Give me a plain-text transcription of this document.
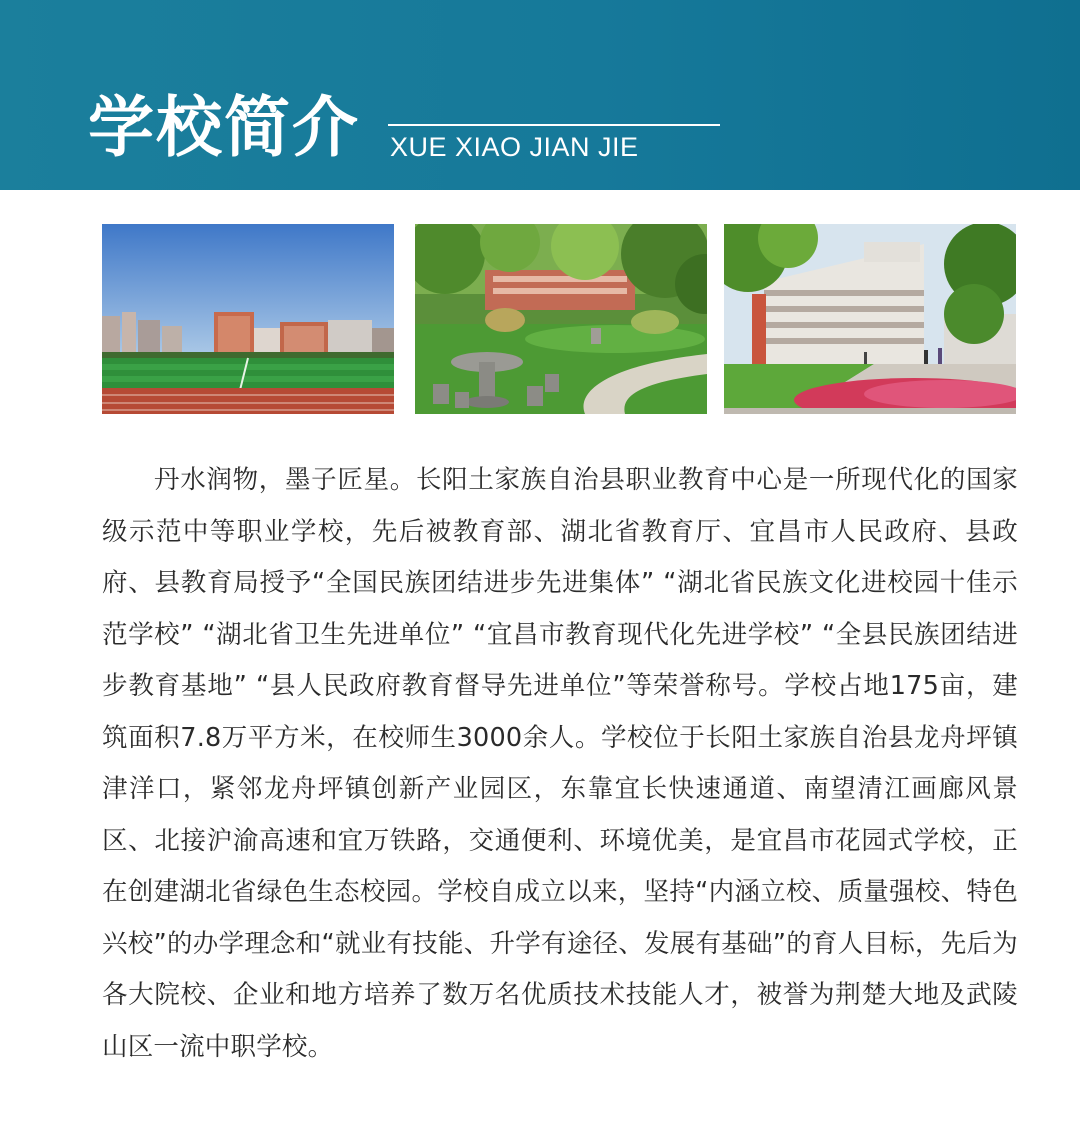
学校简介 XUE XIAO JIAN JIE

丹水润物，墨子匠星。长阳土家族自治县职业教育中心是一所现代化的国家级示范中等职业学校，先后被教育部、湖北省教育厅、宜昌市人民政府、县政府、县教育局授予“全国民族团结进步先进集体” “湖北省民族文化进校园十佳示范学校” “湖北省卫生先进单位” “宜昌市教育现代化先进学校” “全县民族团结进步教育基地” “县人民政府教育督导先进单位”等荣誉称号。学校占地175亩，建筑面积7.8万平方米，在校师生3000余人。学校位于长阳土家族自治县龙舟坪镇津洋口，紧邻龙舟坪镇创新产业园区，东靠宜长快速通道、南望清江画廊风景区、北接沪渝高速和宜万铁路，交通便利、环境优美，是宜昌市花园式学校，正在创建湖北省绿色生态校园。学校自成立以来，坚持“内涵立校、质量强校、特色兴校”的办学理念和“就业有技能、升学有途径、发展有基础”的育人目标，先后为各大院校、企业和地方培养了数万名优质技术技能人才，被誉为荆楚大地及武陵山区一流中职学校。
